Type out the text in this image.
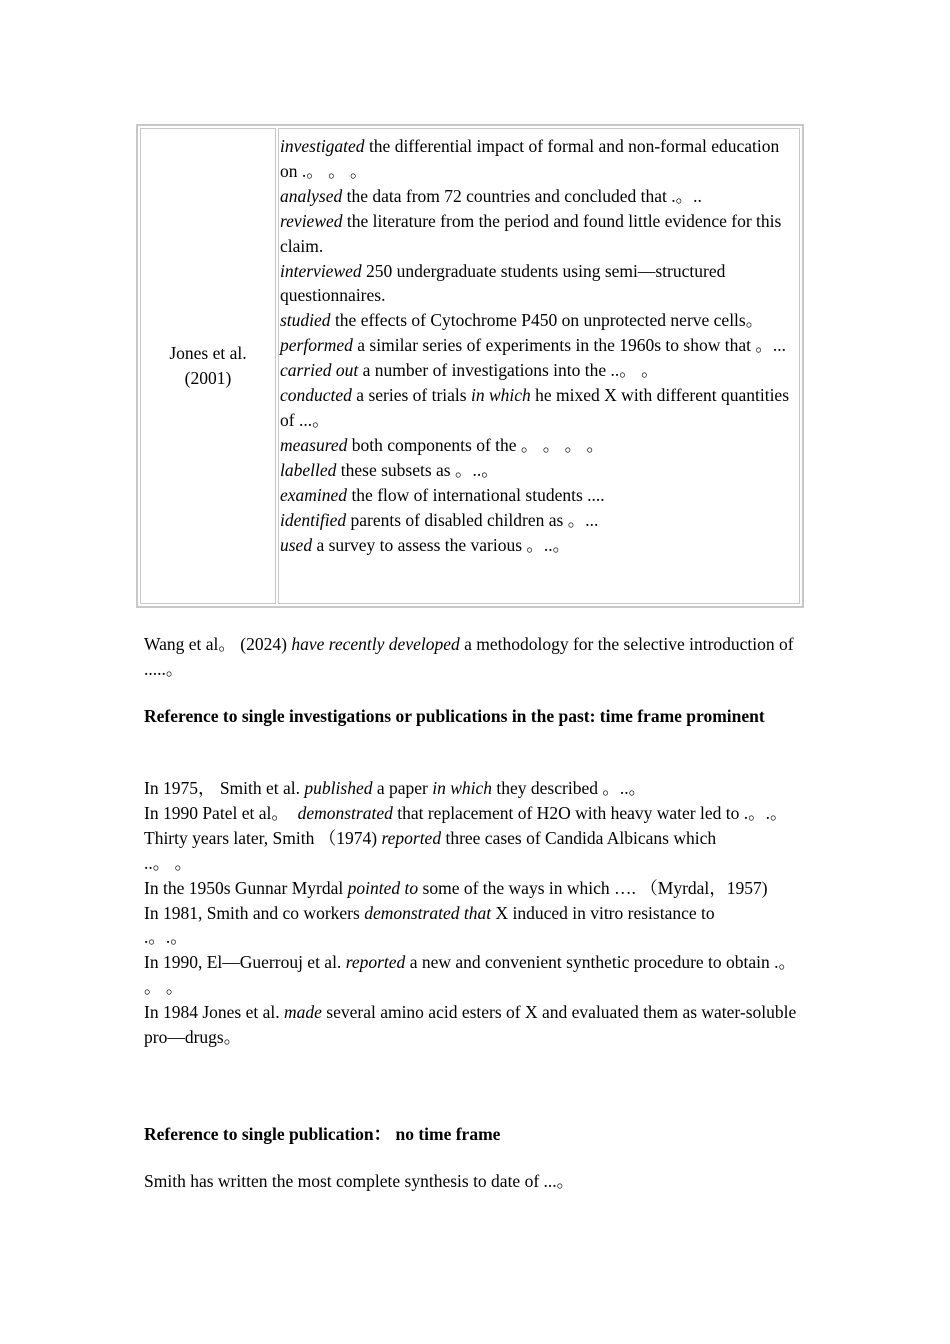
Jones et al. (2001)
investigated the differential impact of formal and non-formal education on .。 。 。
analysed the data from 72 countries and concluded that .。..
reviewed the literature from the period and found little evidence for this claim.
interviewed 250 undergraduate students using semi—structured questionnaires.
studied the effects of Cytochrome P450 on unprotected nerve cells。
performed a similar series of experiments in the 1960s to show that 。...
carried out a number of investigations into the ..。 。
conducted a series of trials in which he mixed X with different quantities of ...。
measured both components of the 。 。 。 。
labelled these subsets as 。..。
examined the flow of international students ....
identified parents of disabled children as 。...
used a survey to assess the various 。..。
Wang et al。 (2024) have recently developed a methodology for the selective introduction of .....。
Reference to single investigations or publications in the past: time frame prominent
In 1975， Smith et al. published a paper in which they described 。..。
In 1990 Patel et al。  demonstrated that replacement of H2O with heavy water led to .。.。
Thirty years later, Smith （1974) reported three cases of Candida Albicans which ..。 。
In the 1950s Gunnar Myrdal pointed to some of the ways in which …. （Myrdal，1957)
In 1981, Smith and co workers demonstrated that X induced in vitro resistance to .。.。
In 1990, El—Guerrouj et al. reported a new and convenient synthetic procedure to obtain .。 。 。
In 1984 Jones et al. made several amino acid esters of X and evaluated them as water-soluble pro—drugs。
Reference to single publication： no time frame
Smith has written the most complete synthesis to date of ...。
